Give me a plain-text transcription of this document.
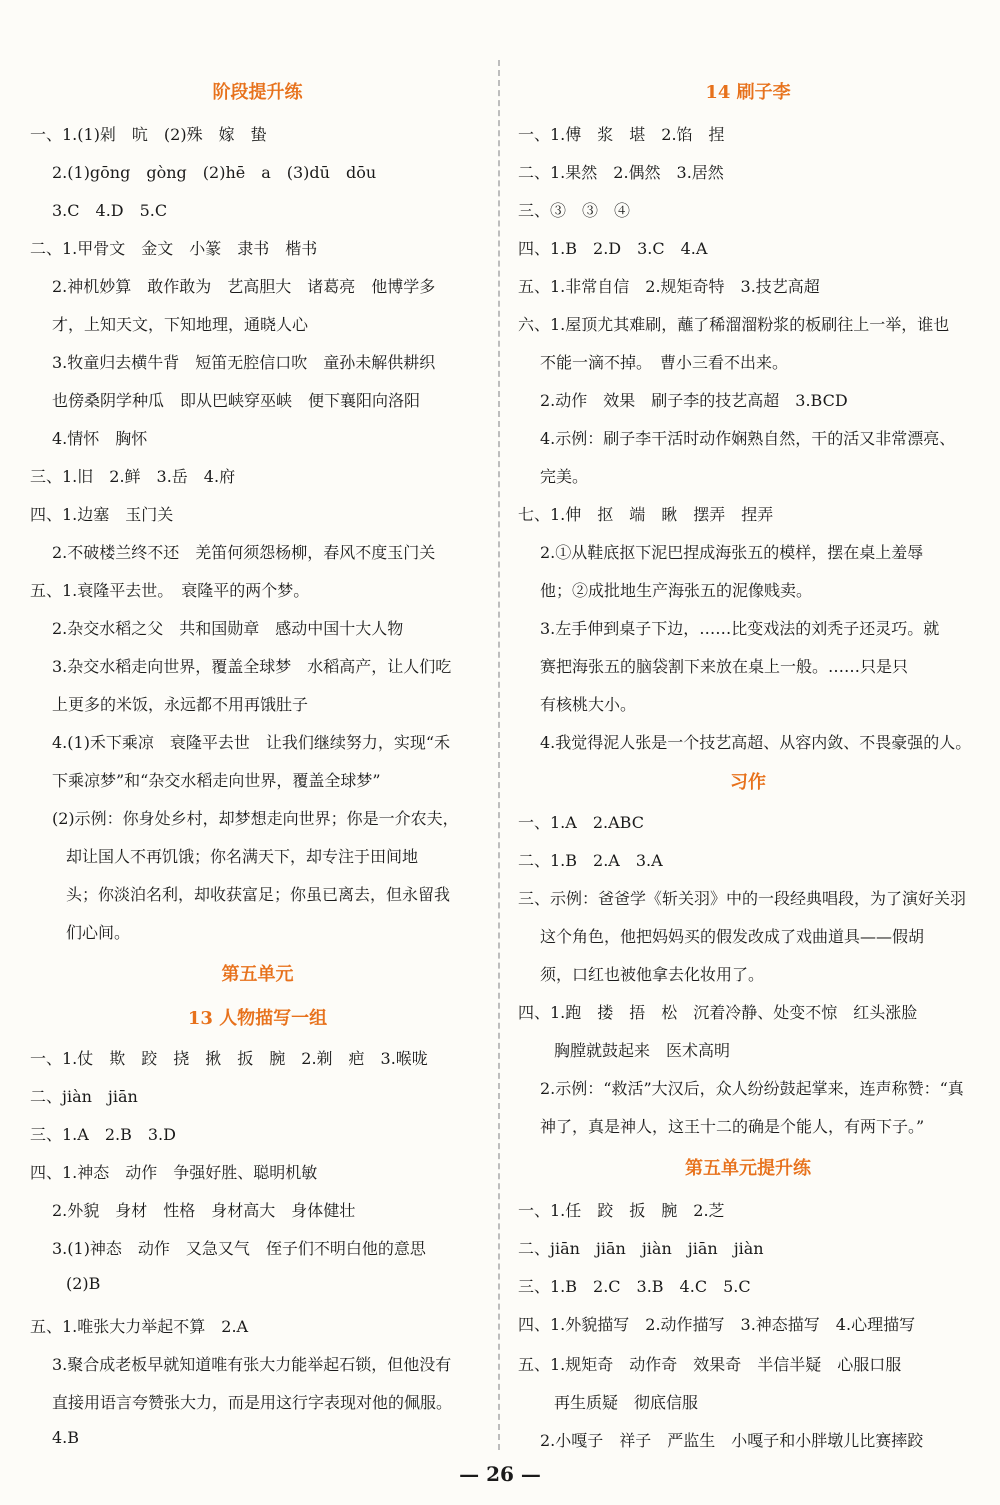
阶段提升练
一、1.(1)剁　吭　(2)殊　嫁　蛰
2.(1)gōng　gòng　(2)hē　a　(3)dū　dōu
3.C　4.D　5.C
二、1.甲骨文　金文　小篆　隶书　楷书
2.神机妙算　敢作敢为　艺高胆大　诸葛亮　他博学多
才，上知天文，下知地理，通晓人心
3.牧童归去横牛背　短笛无腔信口吹　童孙未解供耕织
也傍桑阴学种瓜　即从巴峡穿巫峡　便下襄阳向洛阳
4.情怀　胸怀
三、1.旧　2.鲜　3.岳　4.府
四、1.边塞　玉门关
2.不破楼兰终不还　羌笛何须怨杨柳，春风不度玉门关
五、1.衰隆平去世。　衰隆平的两个梦。
2.杂交水稻之父　共和国勋章　感动中国十大人物
3.杂交水稻走向世界，覆盖全球梦　水稻高产，让人们吃
上更多的米饭，永远都不用再饿肚子
4.(1)禾下乘凉　衰隆平去世　让我们继续努力，实现“禾
下乘凉梦”和“杂交水稻走向世界，覆盖全球梦”
(2)示例：你身处乡村，却梦想走向世界；你是一介农夫，
却让国人不再饥饿；你名满天下，却专注于田间地
头；你淡泊名利，却收获富足；你虽已离去，但永留我
们心间。
第五单元
13 人物描写一组
一、1.仗　欺　跤　挠　揪　扳　腕　2.剃　疤　3.喉咙
二、jiàn　jiān
三、1.A　2.B　3.D
四、1.神态　动作　争强好胜、聪明机敏
2.外貌　身材　性格　身材高大　身体健壮
3.(1)神态　动作　又急又气　侄子们不明白他的意思
(2)B
五、1.唯张大力举起不算　2.A
3.聚合成老板早就知道唯有张大力能举起石锁，但他没有
直接用语言夸赞张大力，而是用这行字表现对他的佩服。
4.B
14 刷子李
一、1.傅　浆　堪　2.馅　捏
二、1.果然　2.偶然　3.居然
三、③　③　④
四、1.B　2.D　3.C　4.A
五、1.非常自信　2.规矩奇特　3.技艺高超
六、1.屋顶尤其难刷，蘸了稀溜溜粉浆的板刷往上一举，谁也
不能一滴不掉。　曹小三看不出来。
2.动作　效果　刷子李的技艺高超　3.BCD
4.示例：刷子李干活时动作娴熟自然，干的活又非常漂亮、
完美。
七、1.伸　抠　端　瞅　摆弄　捏弄
2.①从鞋底抠下泥巴捏成海张五的模样，摆在桌上羞辱
他；②成批地生产海张五的泥像贱卖。
3.左手伸到桌子下边，……比变戏法的刘秃子还灵巧。就
赛把海张五的脑袋割下来放在桌上一般。……只是只
有核桃大小。
4.我觉得泥人张是一个技艺高超、从容内敛、不畏豪强的人。
习作
一、1.A　2.ABC
二、1.B　2.A　3.A
三、示例：爸爸学《斩关羽》中的一段经典唱段，为了演好关羽
这个角色，他把妈妈买的假发改成了戏曲道具——假胡
须，口红也被他拿去化妆用了。
四、1.跑　搂　捂　松　沉着冷静、处变不惊　红头涨脸
胸膛就鼓起来　医术高明
2.示例：“救活”大汉后，众人纷纷鼓起掌来，连声称赞：“真
神了，真是神人，这王十二的确是个能人，有两下子。”
第五单元提升练
一、1.任　跤　扳　腕　2.芝
二、jiān　jiān　jiàn　jiān　jiàn
三、1.B　2.C　3.B　4.C　5.C
四、1.外貌描写　2.动作描写　3.神态描写　4.心理描写
五、1.规矩奇　动作奇　效果奇　半信半疑　心服口服
再生质疑　彻底信服
2.小嘎子　祥子　严监生　小嘎子和小胖墩儿比赛摔跤
— 26 —
